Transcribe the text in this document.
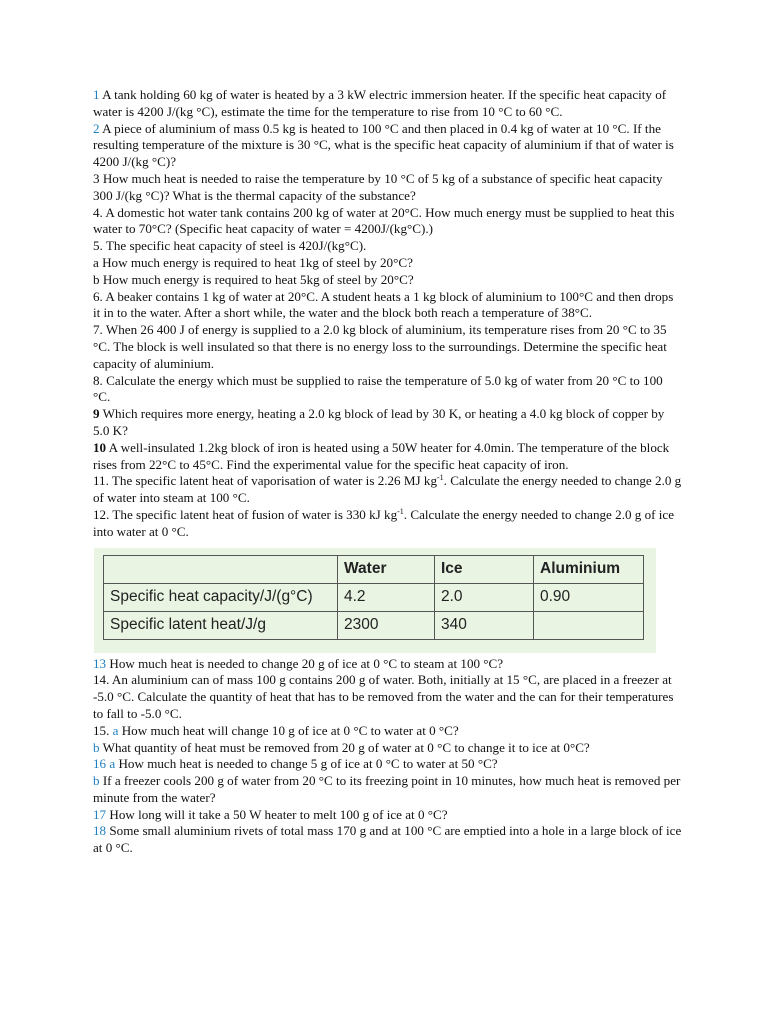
1 A tank holding 60 kg of water is heated by a 3 kW electric immersion heater. If the specific heat capacity of water is 4200 J/(kg °C), estimate the time for the temperature to rise from 10 °C to 60 °C.

2 A piece of aluminium of mass 0.5 kg is heated to 100 °C and then placed in 0.4 kg of water at 10 °C. If the resulting temperature of the mixture is 30 °C, what is the specific heat capacity of aluminium if that of water is 4200 J/(kg °C)?

3 How much heat is needed to raise the temperature by 10 °C of 5 kg of a substance of specific heat capacity 300 J/(kg °C)? What is the thermal capacity of the substance?

4. A domestic hot water tank contains 200 kg of water at 20°C. How much energy must be supplied to heat this water to 70°C? (Specific heat capacity of water = 4200J/(kg°C).)

5. The specific heat capacity of steel is 420J/(kg°C).

a How much energy is required to heat 1kg of steel by 20°C?

b How much energy is required to heat 5kg of steel by 20°C?

6. A beaker contains 1 kg of water at 20°C. A student heats a 1 kg block of aluminium to 100°C and then drops it in to the water. After a short while, the water and the block both reach a temperature of 38°C.

7. When 26 400 J of energy is supplied to a 2.0 kg block of aluminium, its temperature rises from 20 °C to 35 °C. The block is well insulated so that there is no energy loss to the surroundings. Determine the specific heat capacity of aluminium.

8. Calculate the energy which must be supplied to raise the temperature of 5.0 kg of water from 20 °C to 100 °C.

9 Which requires more energy, heating a 2.0 kg block of lead by 30 K, or heating a 4.0 kg block of copper by 5.0 K?

10 A well-insulated 1.2kg block of iron is heated using a 50W heater for 4.0min. The temperature of the block rises from 22°C to 45°C. Find the experimental value for the specific heat capacity of iron.

11. The specific latent heat of vaporisation of water is 2.26 MJ $kg^{-1}$. Calculate the energy needed to change 2.0 g of water into steam at 100 °C.

12. The specific latent heat of fusion of water is 330 kJ $kg^{-1}$. Calculate the energy needed to change 2.0 g of ice into water at 0 °C.

	Water	Ice	Aluminium
Specific heat capacity/J/(g°C)	4.2	2.0	0.90
Specific latent heat/J/g	2300	340	

13 How much heat is needed to change 20 g of ice at 0 °C to steam at 100 °C?

14. An aluminium can of mass 100 g contains 200 g of water. Both, initially at 15 °C, are placed in a freezer at -5.0 °C. Calculate the quantity of heat that has to be removed from the water and the can for their temperatures to fall to -5.0 °C.

15. a How much heat will change 10 g of ice at 0 °C to water at 0 °C?

b What quantity of heat must be removed from 20 g of water at 0 °C to change it to ice at 0°C?

16 a How much heat is needed to change 5 g of ice at 0 °C to water at 50 °C?

b If a freezer cools 200 g of water from 20 °C to its freezing point in 10 minutes, how much heat is removed per minute from the water?

17 How long will it take a 50 W heater to melt 100 g of ice at 0 °C?

18 Some small aluminium rivets of total mass 170 g and at 100 °C are emptied into a hole in a large block of ice at 0 °C.
